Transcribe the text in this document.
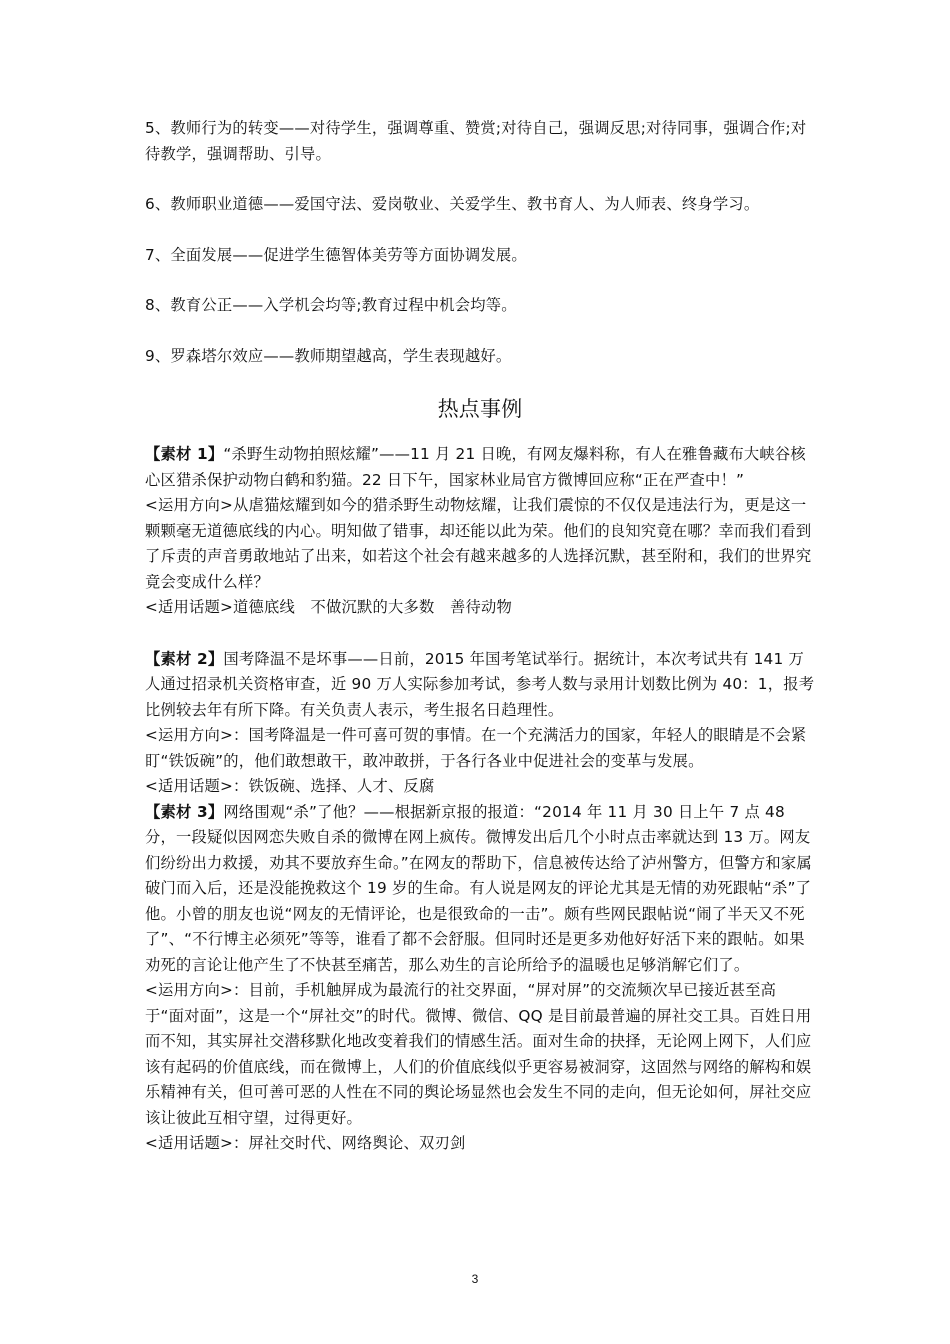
5、教师行为的转变——对待学生，强调尊重、赞赏;对待自己，强调反思;对待同事，强调合作;对待教学，强调帮助、引导。

6、教师职业道德——爱国守法、爱岗敬业、关爱学生、教书育人、为人师表、终身学习。

7、全面发展——促进学生德智体美劳等方面协调发展。

8、教育公正——入学机会均等;教育过程中机会均等。

9、罗森塔尔效应——教师期望越高，学生表现越好。

热点事例

【素材 1】“杀野生动物拍照炫耀”——11 月 21 日晚，有网友爆料称，有人在雅鲁藏布大峡谷核心区猎杀保护动物白鹤和豹猫。22 日下午，国家林业局官方微博回应称“正在严查中！”

<运用方向>从虐猫炫耀到如今的猎杀野生动物炫耀，让我们震惊的不仅仅是违法行为，更是这一颗颗毫无道德底线的内心。明知做了错事，却还能以此为荣。他们的良知究竟在哪？幸而我们看到了斥责的声音勇敢地站了出来，如若这个社会有越来越多的人选择沉默，甚至附和，我们的世界究竟会变成什么样？

<适用话题>道德底线　不做沉默的大多数　善待动物

【素材 2】国考降温不是坏事——日前，2015 年国考笔试举行。据统计，本次考试共有 141 万人通过招录机关资格审查，近 90 万人实际参加考试，参考人数与录用计划数比例为 40：1，报考比例较去年有所下降。有关负责人表示，考生报名日趋理性。

<运用方向>：国考降温是一件可喜可贺的事情。在一个充满活力的国家，年轻人的眼睛是不会紧盯“铁饭碗”的，他们敢想敢干，敢冲敢拼，于各行各业中促进社会的变革与发展。

<适用话题>：铁饭碗、选择、人才、反腐

【素材 3】网络围观“杀”了他？——根据新京报的报道：“2014 年 11 月 30 日上午 7 点 48 分，一段疑似因网恋失败自杀的微博在网上疯传。微博发出后几个小时点击率就达到 13 万。网友们纷纷出力救援，劝其不要放弃生命。”在网友的帮助下，信息被传达给了泸州警方，但警方和家属破门而入后，还是没能挽救这个 19 岁的生命。有人说是网友的评论尤其是无情的劝死跟帖“杀”了他。小曾的朋友也说“网友的无情评论，也是很致命的一击”。颇有些网民跟帖说“闹了半天又不死了”、“不行博主必须死”等等，谁看了都不会舒服。但同时还是更多劝他好好活下来的跟帖。如果劝死的言论让他产生了不快甚至痛苦，那么劝生的言论所给予的温暖也足够消解它们了。

<运用方向>：目前，手机触屏成为最流行的社交界面，“屏对屏”的交流频次早已接近甚至高于“面对面”，这是一个“屏社交”的时代。微博、微信、QQ 是目前最普遍的屏社交工具。百姓日用而不知，其实屏社交潜移默化地改变着我们的情感生活。面对生命的抉择，无论网上网下，人们应该有起码的价值底线，而在微博上，人们的价值底线似乎更容易被洞穿，这固然与网络的解构和娱乐精神有关，但可善可恶的人性在不同的舆论场显然也会发生不同的走向，但无论如何，屏社交应该让彼此互相守望，过得更好。

<适用话题>：屏社交时代、网络舆论、双刃剑

3
